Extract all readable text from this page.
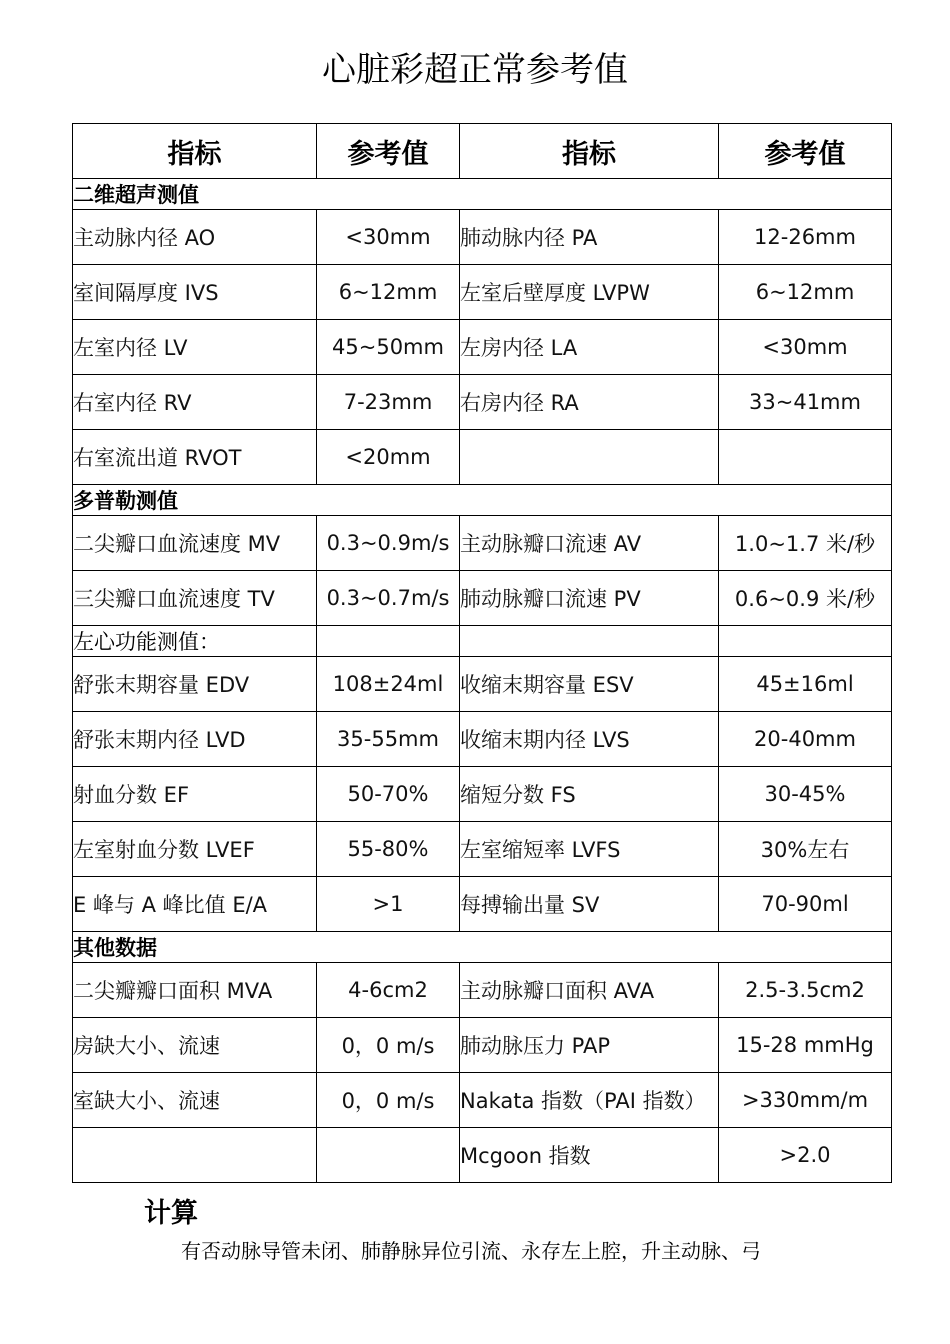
心脏彩超正常参考值
指标	参考值	指标	参考值
二维超声测值			
主动脉内径 AO	<30mm	肺动脉内径 PA	12-26mm
室间隔厚度 IVS	6~12mm	左室后壁厚度 LVPW	6~12mm
左室内径 LV	45~50mm	左房内径 LA	<30mm
右室内径 RV	7-23mm	右房内径 RA	33~41mm
右室流出道 RVOT	<20mm		
多普勒测值			
二尖瓣口血流速度 MV	0.3~0.9m/s	主动脉瓣口流速 AV	1.0~1.7 米/秒
三尖瓣口血流速度 TV	0.3~0.7m/s	肺动脉瓣口流速 PV	0.6~0.9 米/秒
左心功能测值：			
舒张末期容量 EDV	108±24ml	收缩末期容量 ESV	45±16ml
舒张末期内径 LVD	35-55mm	收缩末期内径 LVS	20-40mm
射血分数 EF	50-70%	缩短分数 FS	30-45%
左室射血分数 LVEF	55-80%	左室缩短率 LVFS	30%左右
E 峰与 A 峰比值 E/A	>1	每搏输出量 SV	70-90ml
其他数据			
二尖瓣瓣口面积 MVA	4-6cm2	主动脉瓣口面积 AVA	2.5-3.5cm2
房缺大小、流速	0，0 m/s	肺动脉压力 PAP	15-28 mmHg
室缺大小、流速	0，0 m/s	Nakata 指数（PAI 指数）	>330mm/m
		Mcgoon 指数	>2.0
计算
有否动脉导管未闭、肺静脉异位引流、永存左上腔，升主动脉、弓
